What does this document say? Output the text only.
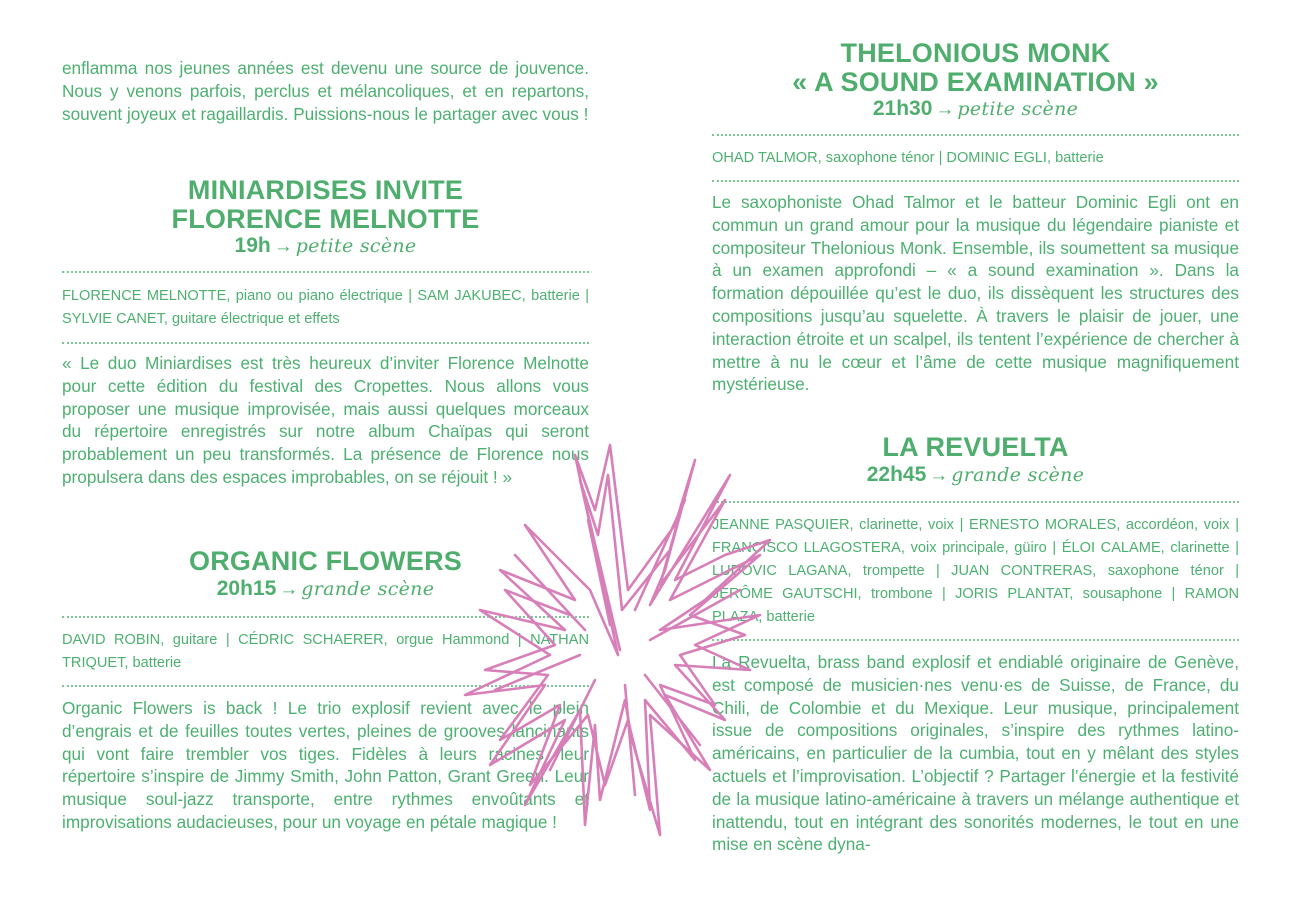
enflamma nos jeunes années est devenu une source de jouvence. Nous y venons parfois, perclus et mélancoliques, et en repartons, souvent joyeux et ragaillardis. Puissions-nous le partager avec vous !

MINIARDISES INVITE
FLORENCE MELNOTTE
19h → petite scène

FLORENCE MELNOTTE, piano ou piano électrique | SAM JAKUBEC, batterie | SYLVIE CANET, guitare électrique et effets

« Le duo Miniardises est très heureux d’inviter Florence Melnotte pour cette édition du festival des Cropettes. Nous allons vous proposer une musique improvisée, mais aussi quelques morceaux du répertoire enregistrés sur notre album Chaïpas qui seront probablement un peu transformés. La présence de Florence nous propulsera dans des espaces improbables, on se réjouit ! »

ORGANIC FLOWERS
20h15 → grande scène

DAVID ROBIN, guitare | CÉDRIC SCHAERER, orgue Hammond | NATHAN TRIQUET, batterie

Organic Flowers is back ! Le trio explosif revient avec le plein d’engrais et de feuilles toutes vertes, pleines de grooves lancinants qui vont faire trembler vos tiges. Fidèles à leurs racines, leur répertoire s’inspire de Jimmy Smith, John Patton, Grant Green. Leur musique soul-jazz transporte, entre rythmes envoûtants et improvisations audacieuses, pour un voyage en pétale magique !

THELONIOUS MONK
« A SOUND EXAMINATION »
21h30 → petite scène

OHAD TALMOR, saxophone ténor | DOMINIC EGLI, batterie

Le saxophoniste Ohad Talmor et le batteur Dominic Egli ont en commun un grand amour pour la musique du légendaire pianiste et compositeur Thelonious Monk. Ensemble, ils soumettent sa musique à un examen approfondi – « a sound examination ». Dans la formation dépouillée qu’est le duo, ils dissèquent les structures des compositions jusqu’au squelette. À travers le plaisir de jouer, une interaction étroite et un scalpel, ils tentent l’expérience de chercher à mettre à nu le cœur et l’âme de cette musique magnifiquement mystérieuse.

LA REVUELTA
22h45 → grande scène

JEANNE PASQUIER, clarinette, voix | ERNESTO MORALES, accordéon, voix | FRANCISCO LLAGOSTERA, voix principale, güiro | ÉLOI CALAME, clarinette | LUDOVIC LAGANA, trompette | JUAN CONTRERAS, saxophone ténor | JÉRÔME GAUTSCHI, trombone | JORIS PLANTAT, sousaphone | RAMON PLAZA, batterie

La Revuelta, brass band explosif et endiablé originaire de Genève, est composé de musicien·nes venu·es de Suisse, de France, du Chili, de Colombie et du Mexique. Leur musique, principalement issue de compositions originales, s’inspire des rythmes latino-américains, en particulier de la cumbia, tout en y mêlant des styles actuels et l’improvisation. L’objectif ? Partager l’énergie et la festivité de la musique latino-américaine à travers un mélange authentique et inattendu, tout en intégrant des sonorités modernes, le tout en une mise en scène dyna-
